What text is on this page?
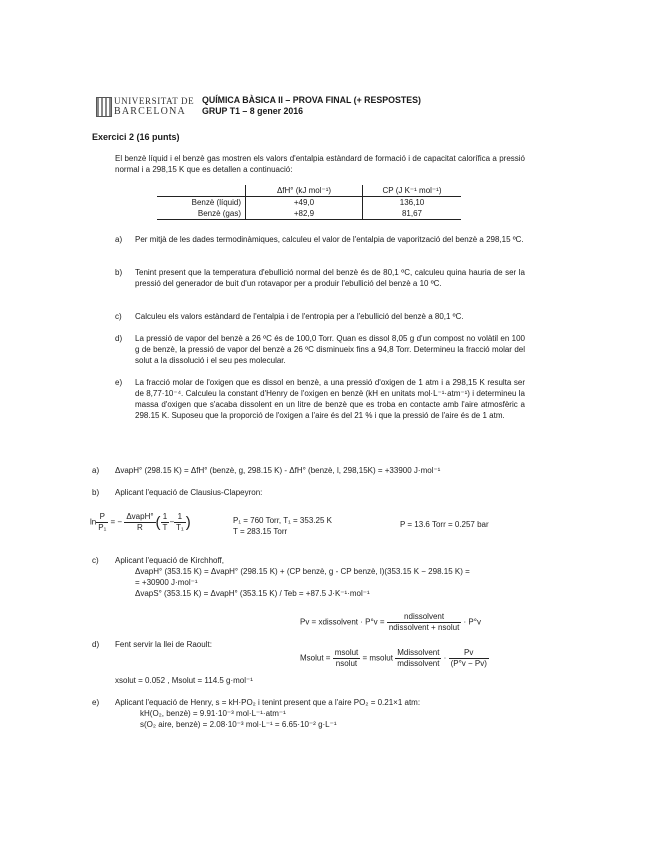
UNIVERSITAT DE
BARCELONA
QUÍMICA BÀSICA II – PROVA FINAL (+ RESPOSTES)
GRUP T1 – 8 gener 2016
Exercici 2 (16 punts)
El benzè líquid i el benzè gas mostren els valors d'entalpia estàndard de formació i de capacitat calorífica a pressió normal i a 298,15 K que es detallen a continuació:
	ΔfH° (kJ mol⁻¹)	CP (J K⁻¹ mol⁻¹)
Benzè (líquid)	+49,0	136,10
Benzè (gas)	+82,9	81,67
a) Per mitjà de les dades termodinàmiques, calculeu el valor de l'entalpia de vaporització del benzè a 298,15 ºC.
b) Tenint present que la temperatura d'ebullició normal del benzè és de 80,1 ºC, calculeu quina hauria de ser la pressió del generador de buit d'un rotavapor per a produir l'ebullició del benzè a 10 ºC.
c) Calculeu els valors estàndard de l'entalpia i de l'entropia per a l'ebullició del benzè a 80,1 ºC.
d) La pressió de vapor del benzè a 26 ºC és de 100,0 Torr. Quan es dissol 8,05 g d'un compost no volàtil en 100 g de benzè, la pressió de vapor del benzè a 26 ºC disminueix fins a 94,8 Torr. Determineu la fracció molar del solut a la dissolució i el seu pes molecular.
e) La fracció molar de l'oxigen que es dissol en benzè, a una pressió d'oxigen de 1 atm i a 298,15 K resulta ser de 8,77·10⁻⁴. Calculeu la constant d'Henry de l'oxigen en benzè (kH en unitats mol·L⁻¹·atm⁻¹) i determineu la massa d'oxigen que s'acaba dissolent en un litre de benzè que es troba en contacte amb l'aire atmosfèric a 298.15 K. Suposeu que la proporció de l'oxigen a l'aire és del 21 % i que la pressió de l'aire és de 1 atm.
a) ΔvapH° (298.15 K) = ΔfH° (benzè, g, 298.15 K) - ΔfH° (benzè, l, 298,15K) = +33900 J·mol⁻¹
b) Aplicant l'equació de Clausius-Clapeyron:
$\ln \frac{P}{\text{P₁}}$ = − $\frac{\text{ΔvapH°}}{R}$ ( $\frac{1}{T} - \frac{1}{\text{T₁}}$ )	P₁ = 760 Torr, T₁ = 353.25 K
T = 283.15 Torr
P = 13.6 Torr = 0.257 bar
c) Aplicant l'equació de Kirchhoff,
ΔvapH° (353.15 K) = ΔvapH° (298.15 K) + (CP benzè, g - CP benzè, l)(353.15 K − 298.15 K) =
= +30900 J·mol⁻¹
ΔvapS° (353.15 K) = ΔvapH° (353.15 K) / Teb = +87.5 J·K⁻¹·mol⁻¹
Pv = xdissolvent · $P^\circ v = \frac{\text{ndissolvent}}{\text{ndissolvent + nsolut}} \cdot P^\circ v$
d) Fent servir la llei de Raoult:
Msolut = $\frac{\text{msolut}}{\text{nsolut}}$ = msolut $\frac{\text{Mdissolvent}}{\text{mdissolvent}} \cdot \frac{Pv}{(P^\circ v - Pv)}$
xsolut = 0.052 , Msolut = 114.5 g·mol⁻¹
e) Aplicant l'equació de Henry, s = kH·PO₂ i tenint present que a l'aire PO₂ = 0.21×1 atm:
kH(O₂, benzè) = 9.91·10⁻³ mol·L⁻¹·atm⁻¹
s(O₂ aire, benzè) = 2.08·10⁻³ mol·L⁻¹ = 6.65·10⁻² g·L⁻¹
